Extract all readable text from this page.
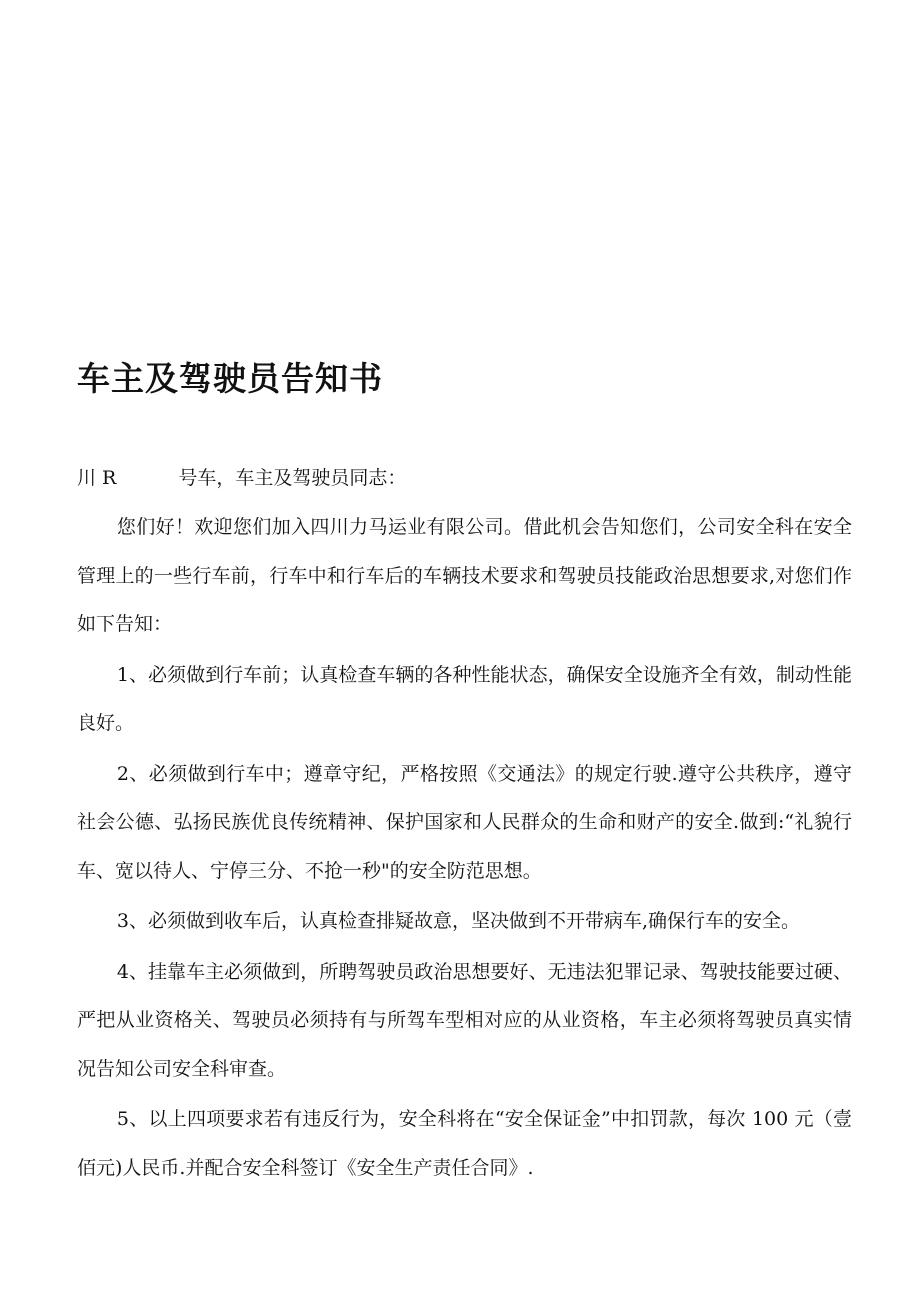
车主及驾驶员告知书
川 R	号车，车主及驾驶员同志：

您们好！欢迎您们加入四川力马运业有限公司。借此机会告知您们，公司安全科在安全管理上的一些行车前，行车中和行车后的车辆技术要求和驾驶员技能政治思想要求,对您们作如下告知：

1、必须做到行车前；认真检查车辆的各种性能状态，确保安全设施齐全有效，制动性能良好。

2、必须做到行车中；遵章守纪，严格按照《交通法》的规定行驶.遵守公共秩序，遵守社会公德、弘扬民族优良传统精神、保护国家和人民群众的生命和财产的安全.做到:“礼貌行车、宽以待人、宁停三分、不抢一秒"的安全防范思想。

3、必须做到收车后，认真检查排疑故意，坚决做到不开带病车,确保行车的安全。

4、挂靠车主必须做到，所聘驾驶员政治思想要好、无违法犯罪记录、驾驶技能要过硬、严把从业资格关、驾驶员必须持有与所驾车型相对应的从业资格，车主必须将驾驶员真实情况告知公司安全科审查。

5、以上四项要求若有违反行为，安全科将在“安全保证金”中扣罚款，每次 100 元（壹佰元)人民币.并配合安全科签订《安全生产责任合同》.
